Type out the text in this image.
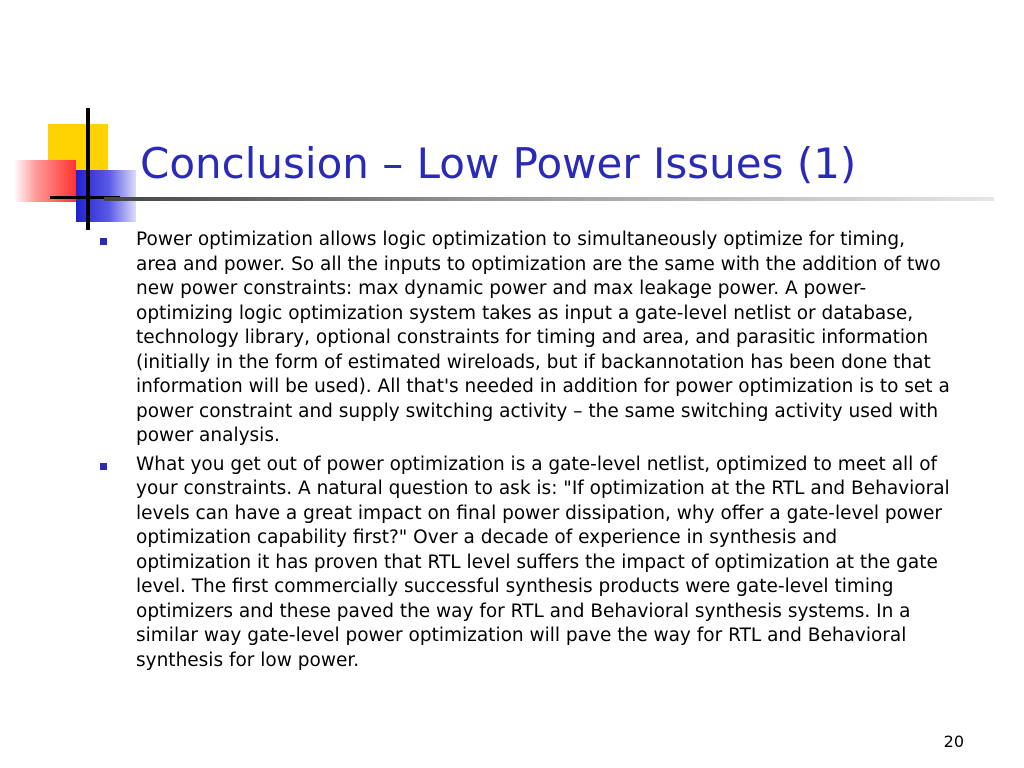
Conclusion – Low Power Issues (1)
Power optimization allows logic optimization to simultaneously optimize for timing, area and power. So all the inputs to optimization are the same with the addition of two new power constraints: max dynamic power and max leakage power. A power-optimizing logic optimization system takes as input a gate-level netlist or database, technology library, optional constraints for timing and area, and parasitic information (initially in the form of estimated wireloads, but if backannotation has been done that information will be used). All that's needed in addition for power optimization is to set a power constraint and supply switching activity – the same switching activity used with power analysis.
What you get out of power optimization is a gate-level netlist, optimized to meet all of your constraints. A natural question to ask is: "If optimization at the RTL and Behavioral levels can have a great impact on final power dissipation, why offer a gate-level power optimization capability first?" Over a decade of experience in synthesis and optimization it has proven that RTL level suffers the impact of optimization at the gate level. The first commercially successful synthesis products were gate-level timing optimizers and these paved the way for RTL and Behavioral synthesis systems. In a similar way gate-level power optimization will pave the way for RTL and Behavioral synthesis for low power.
20
